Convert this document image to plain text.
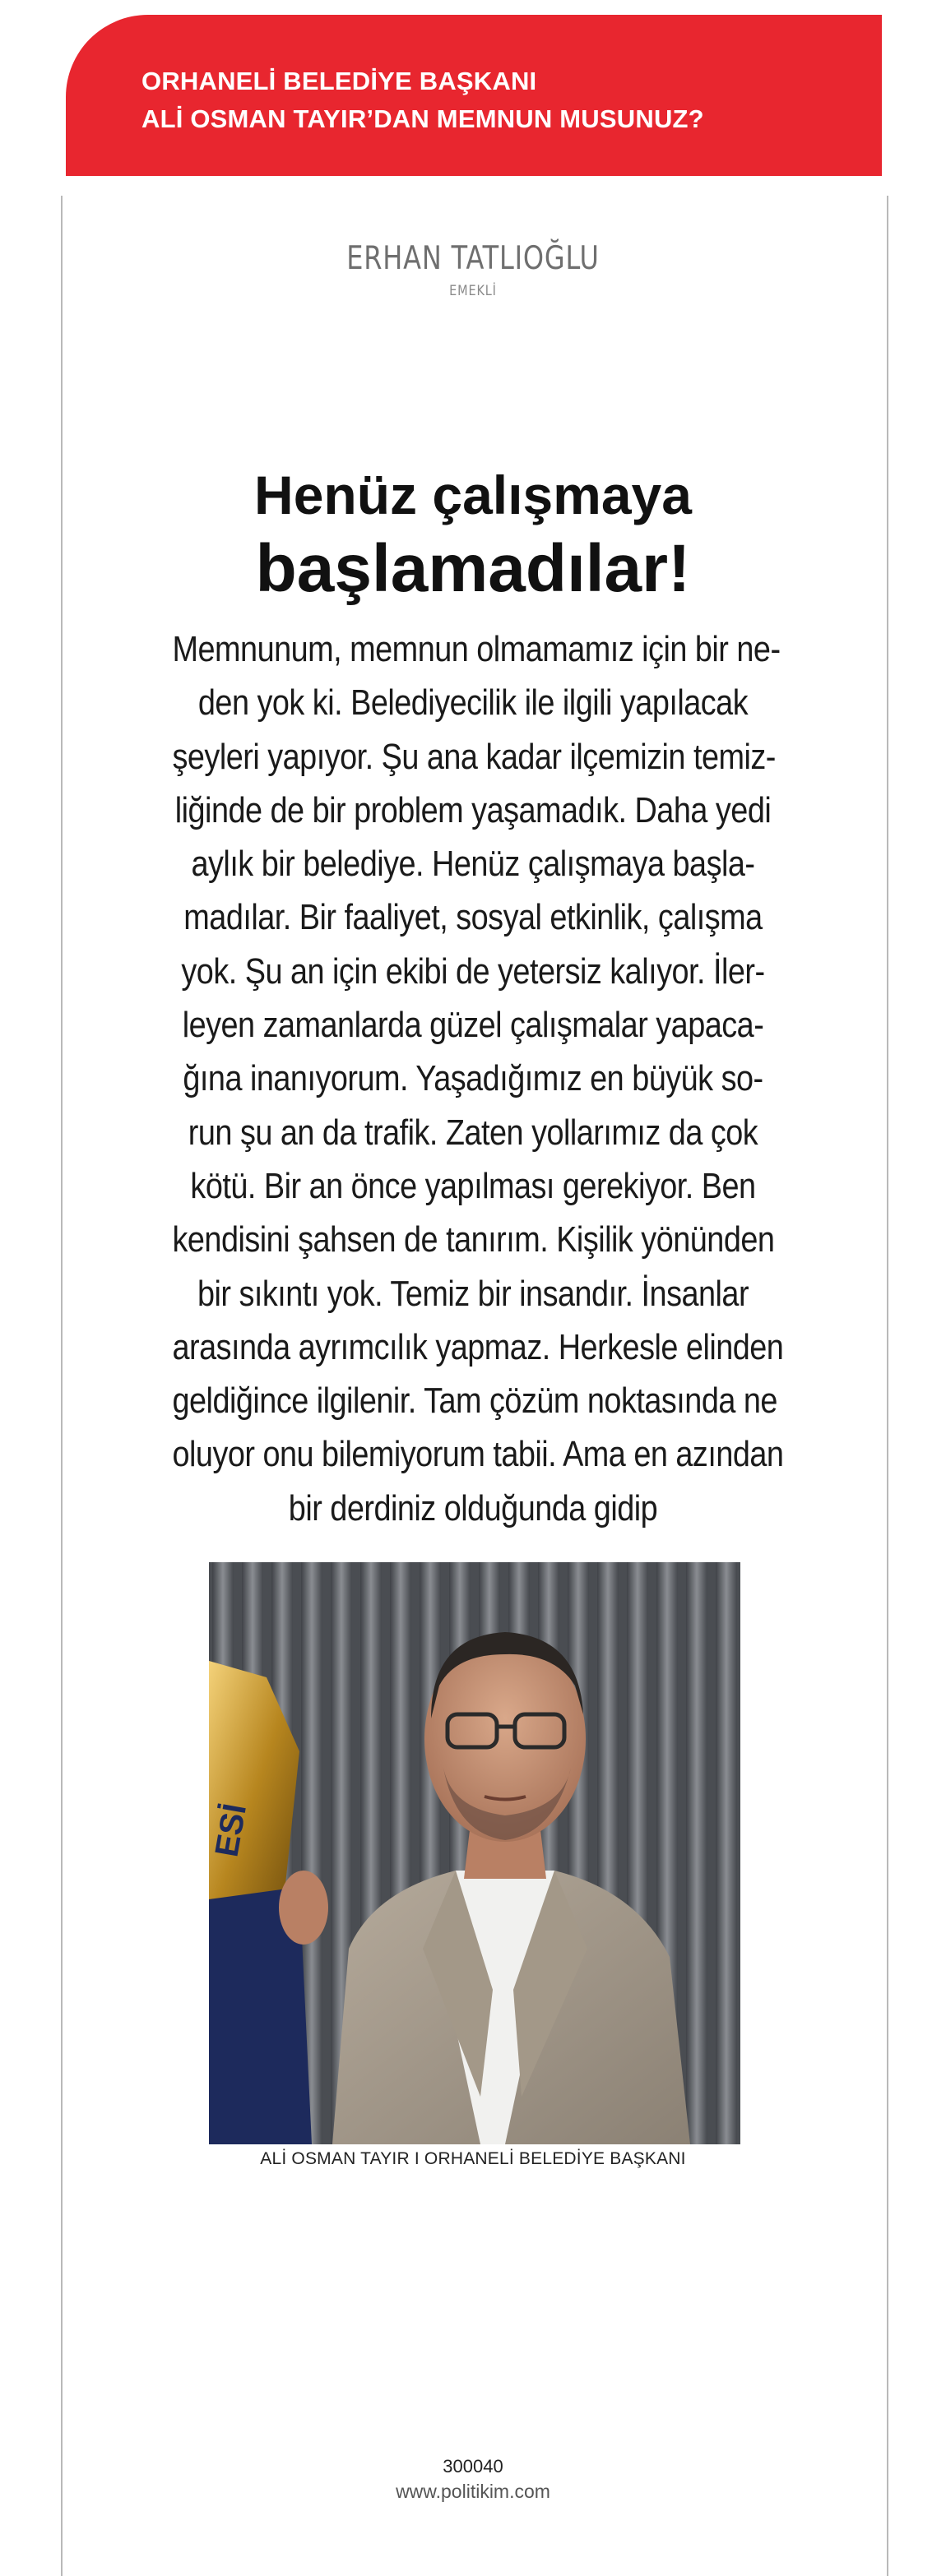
ORHANELİ BELEDİYE BAŞKANI
ALİ OSMAN TAYIR’DAN MEMNUN MUSUNUZ?
ERHAN TATLIOĞLU
EMEKLİ
Henüz çalışmaya
başlamadılar!
Memnunum, memnun olmamamız için bir ne-
den yok ki. Belediyecilik ile ilgili yapılacak
şeyleri yapıyor. Şu ana kadar ilçemizin temiz-
liğinde de bir problem yaşamadık. Daha yedi
aylık bir belediye. Henüz çalışmaya başla-
madılar. Bir faaliyet, sosyal etkinlik, çalışma
yok. Şu an için ekibi de yetersiz kalıyor. İler-
leyen zamanlarda güzel çalışmalar yapaca-
ğına inanıyorum. Yaşadığımız en büyük so-
run şu an da trafik. Zaten yollarımız da çok
kötü. Bir an önce yapılması gerekiyor. Ben
kendisini şahsen de tanırım. Kişilik yönünden
bir sıkıntı yok. Temiz bir insandır. İnsanlar
arasında ayrımcılık yapmaz. Herkesle elinden
geldiğince ilgilenir. Tam çözüm noktasında ne
oluyor onu bilemiyorum tabii. Ama en azından
bir derdiniz olduğunda gidip
ESİ
ALİ OSMAN TAYIR I ORHANELİ BELEDİYE BAŞKANI
300040
www.politikim.com
